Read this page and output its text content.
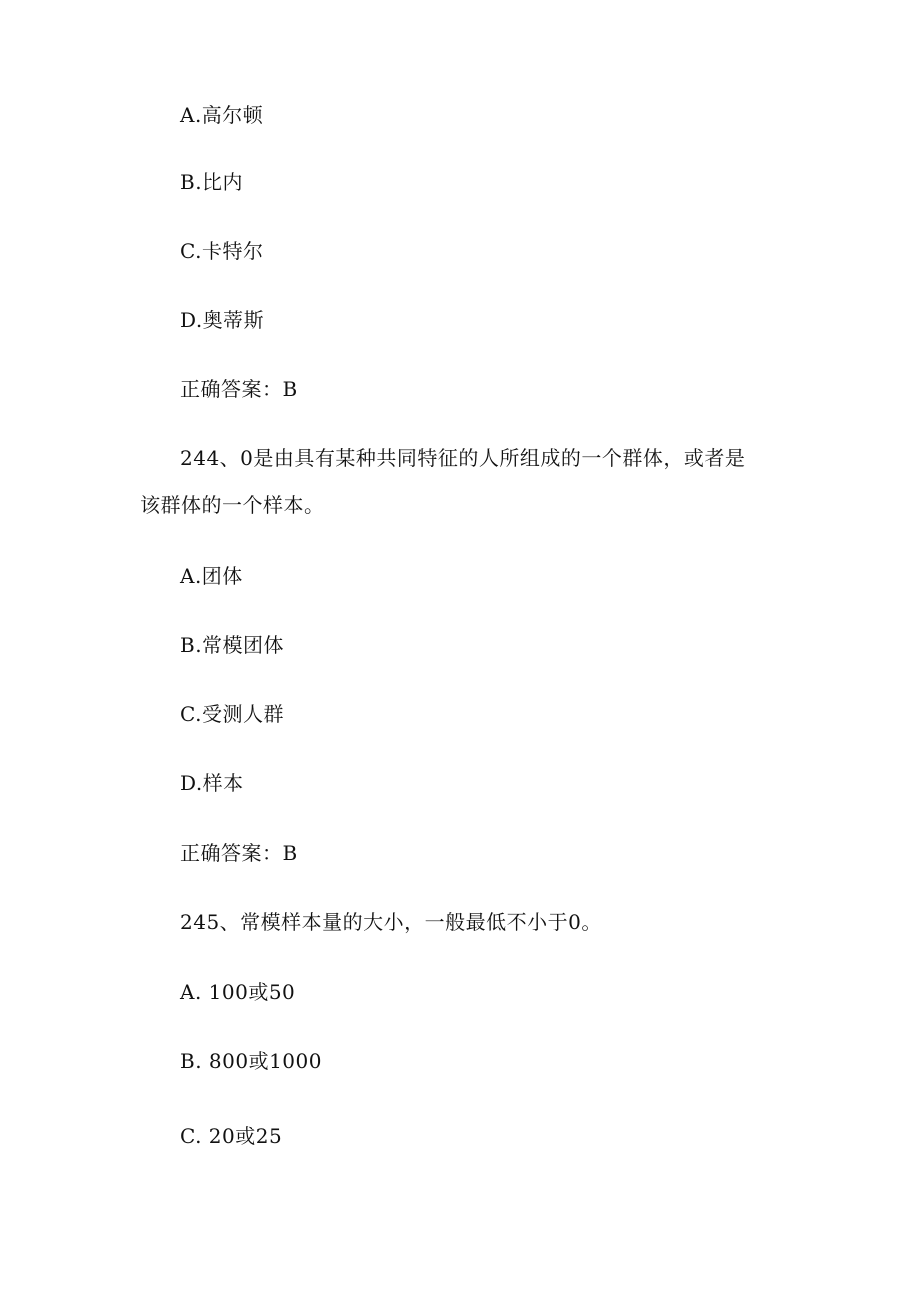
A.高尔顿
B.比内
C.卡特尔
D.奥蒂斯
正确答案：B
244、0是由具有某种共同特征的人所组成的一个群体，或者是
该群体的一个样本。
A.团体
B.常模团体
C.受测人群
D.样本
正确答案：B
245、常模样本量的大小，一般最低不小于0。
A. 100或50
B. 800或1000
C. 20或25
